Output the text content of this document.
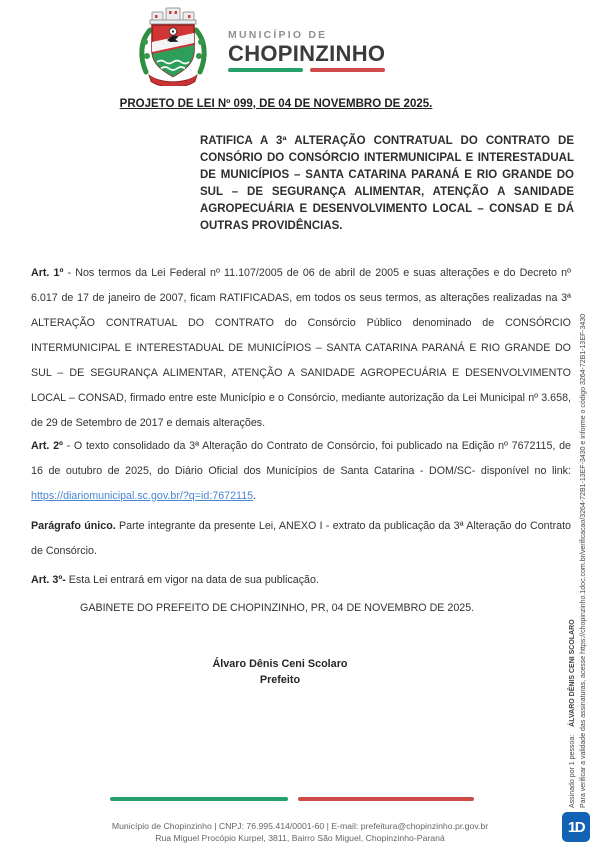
MUNICÍPIO DE
CHOPINZINHO
PROJETO DE LEI Nº 099, DE 04 DE NOVEMBRO DE 2025.
RATIFICA A 3ª ALTERAÇÃO CONTRATUAL DO CONTRATO DE CONSÓRIO DO CONSÓRCIO INTERMUNICIPAL E INTERESTADUAL DE MUNICÍPIOS – SANTA CATARINA PARANÁ E RIO GRANDE DO SUL – DE SEGURANÇA ALIMENTAR, ATENÇÃO A SANIDADE AGROPECUÁRIA E DESENVOLVIMENTO LOCAL – CONSAD E DÁ OUTRAS PROVIDÊNCIAS.

Art. 1º - Nos termos da Lei Federal nº 11.107/2005 de 06 de abril de 2005 e suas alterações e do Decreto nº 6.017 de 17 de janeiro de 2007, ficam RATIFICADAS, em todos os seus termos, as alterações realizadas na 3ª ALTERAÇÃO CONTRATUAL DO CONTRATO do Consórcio Público denominado de CONSÓRCIO INTERMUNICIPAL E INTERESTADUAL DE MUNICÍPIOS – SANTA CATARINA PARANÁ E RIO GRANDE DO SUL – DE SEGURANÇA ALIMENTAR, ATENÇÃO A SANIDADE AGROPECUÁRIA E DESENVOLVIMENTO LOCAL – CONSAD, firmado entre este Município e o Consórcio, mediante autorização da Lei Municipal nº 3.658, de 29 de Setembro de 2017 e demais alterações.

Art. 2º - O texto consolidado da 3ª Alteração do Contrato de Consórcio, foi publicado na Edição nº 7672115, de 16 de outubro de 2025, do Diário Oficial dos Municípios de Santa Catarina - DOM/SC- disponível no link: https://diariomunicipal.sc.gov.br/?q=id:7672115.

Parágrafo único. Parte integrante da presente Lei, ANEXO I - extrato da publicação da 3ª Alteração do Contrato de Consórcio.

Art. 3º- Esta Lei entrará em vigor na data de sua publicação.

GABINETE DO PREFEITO DE CHOPINZINHO, PR, 04 DE NOVEMBRO DE 2025.
Álvaro Dênis Ceni Scolaro
Prefeito
Município de Chopinzinho | CNPJ: 76.995.414/0001-60 | E-mail: prefeitura@chopinzinho.pr.gov.br
Rua Miguel Procópio Kurpel, 3811, Bairro São Miguel, Chopinzinho-Paraná
Assinado por 1 pessoa:ÁLVARO DÊNIS CENI SCOLARO Para verificar a validade das assinaturas, acesse https://chopinzinho.1doc.com.br/verificacao/3264-72B1-13EF-3430 e informe o código 3264-72B1-13EF-3430
1D
